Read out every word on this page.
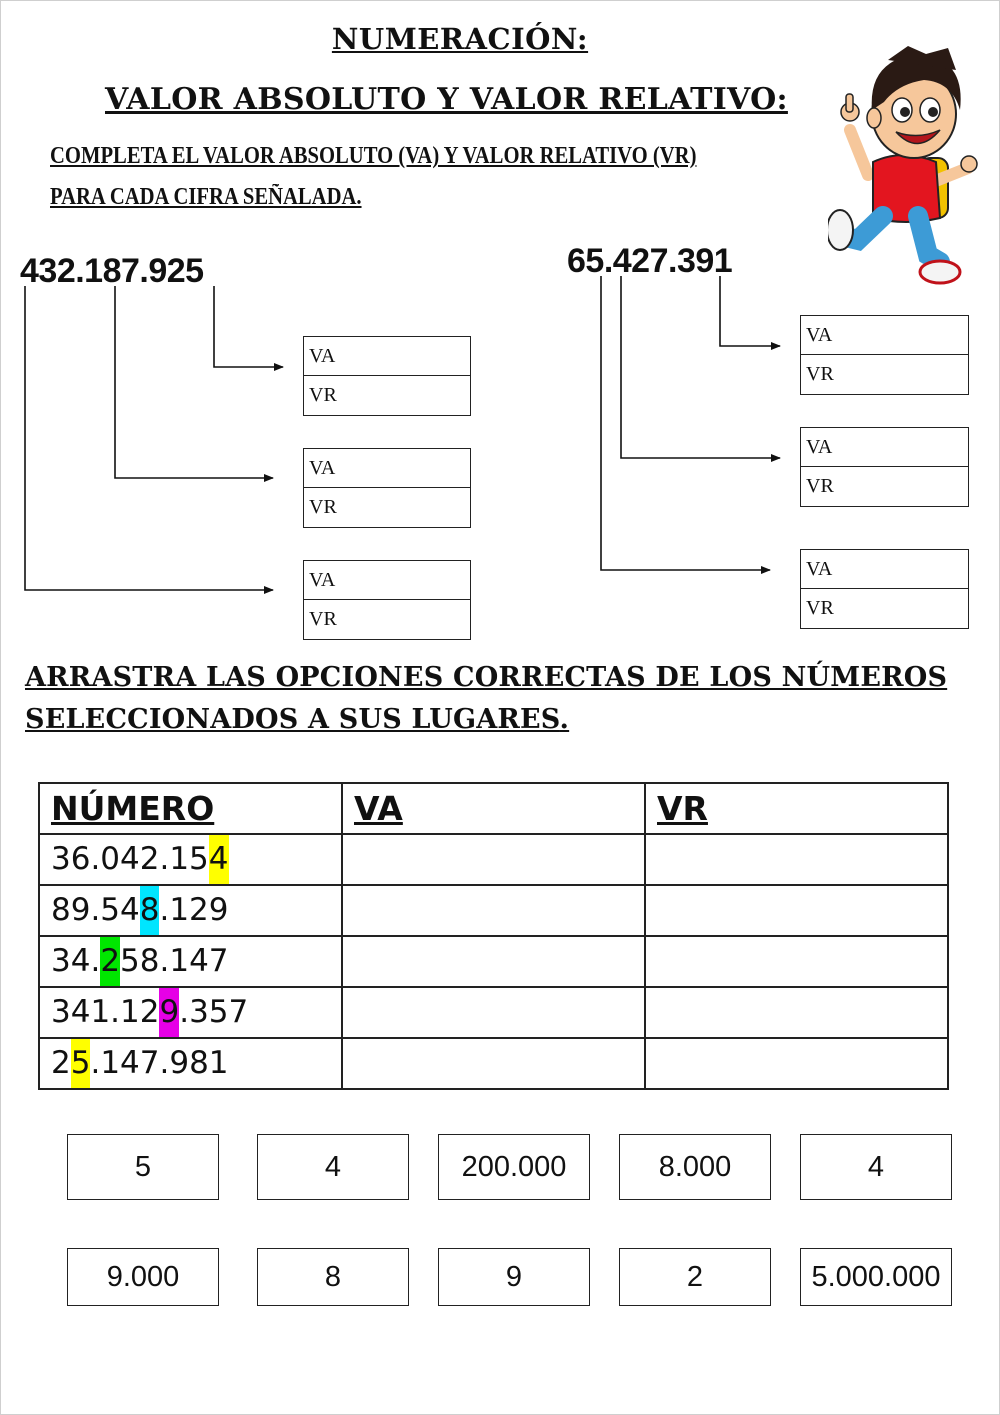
NUMERACIÓN:
VALOR ABSOLUTO Y VALOR RELATIVO:
COMPLETA EL VALOR ABSOLUTO (VA) Y VALOR RELATIVO (VR)
PARA CADA CIFRA SEÑALADA.
432.187.925	65.427.391
VA
VR
VA
VR
VA
VR
VA
VR
VA
VR
VA
VR
ARRASTRA LAS OPCIONES CORRECTAS DE LOS NÚMEROS
SELECCIONADOS A SUS LUGARES.
NÚMERO	VA	VR
36.042.154		
89.548.129		
34.258.147		
341.129.357		
25.147.981		
5	4	200.000	8.000	4
9.000	8	9	2	5.000.000
